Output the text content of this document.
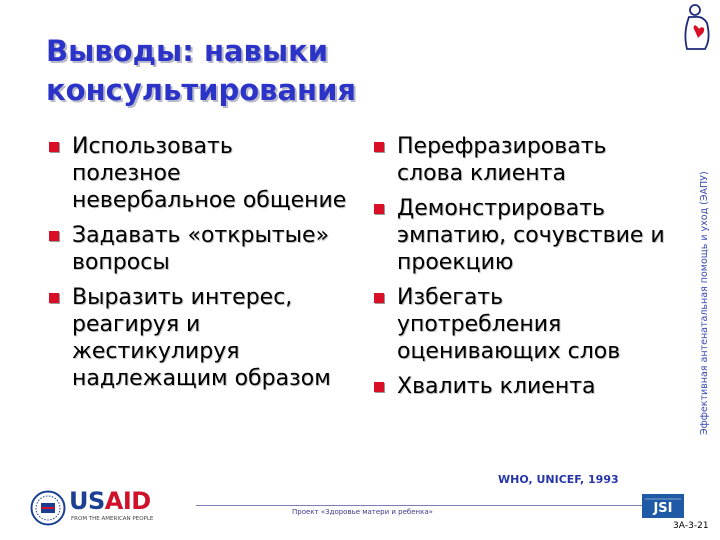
Выводы: навыки
консультирования
Использовать полезное невербальное общение
Задавать «открытые» вопросы
Выразить интерес, реагируя и жестикулируя надлежащим образом
Перефразировать слова клиента
Демонстрировать эмпатию, сочувствие и проекцию
Избегать употребления оценивающих слов
Хвалить клиента	Эффективная антенатальная помощь и уход (ЭАПУ)
WHO, UNICEF, 1993
USAID
FROM THE AMERICAN PEOPLE
Проект «Здоровье матери и ребенка»	JSI
3А-3-21
